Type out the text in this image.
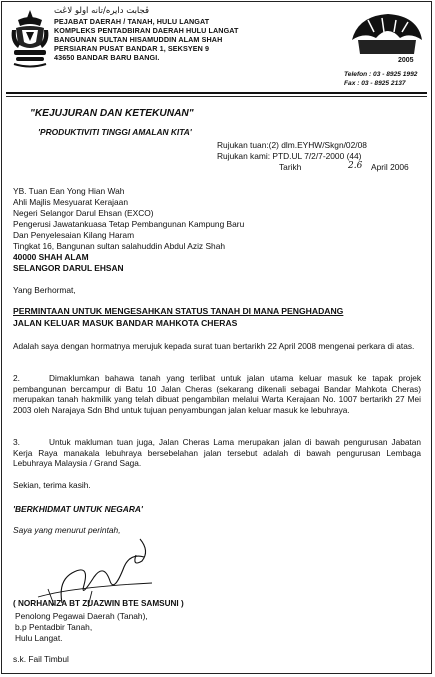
ڤجابت دايره/تانه اولو لاڠت
PEJABAT DAERAH / TANAH, HULU LANGAT
KOMPLEKS PENTADBIRAN DAERAH HULU LANGAT
BANGUNAN SULTAN HISAMUDDIN ALAM SHAH
PERSIARAN PUSAT BANDAR 1, SEKSYEN 9
43650 BANDAR BARU BANGI.	2005
Telefon : 03 - 8925 1992
Fax : 03 - 8925 2137
"KEJUJURAN DAN KETEKUNAN"
'PRODUKTIVITI TINGGI AMALAN KITA'
Rujukan tuan:(2) dlm.EYHW/Skgn/02/08
Rujukan kami: PTD.UL 7/2/7-2000 (44)
Tarikh	2.6 April 2006
YB. Tuan Ean Yong Hian Wah
Ahli Majlis Mesyuarat Kerajaan
Negeri Selangor Darul Ehsan (EXCO)
Pengerusi Jawatankuasa Tetap Pembangunan Kampung Baru
Dan Penyelesaian Kilang Haram
Tingkat 16, Bangunan sultan salahuddin Abdul Aziz Shah
40000 SHAH ALAM
SELANGOR DARUL EHSAN
Yang Berhormat,
PERMINTAAN UNTUK MENGESAHKAN STATUS TANAH DI MANA PENGHADANG
JALAN KELUAR MASUK BANDAR MAHKOTA CHERAS
Adalah saya dengan hormatnya merujuk kepada surat tuan bertarikh 22 April 2008 mengenai perkara di atas.
2.	Dimaklumkan bahawa tanah yang terlibat untuk jalan utama keluar masuk ke tapak projek pembangunan bercampur di Batu 10 Jalan Cheras (sekarang dikenali sebagai Bandar Mahkota Cheras) merupakan tanah hakmilik yang telah dibuat pengambilan melalui Warta Kerajaan No. 1007 bertarikh 27 Mei 2003 oleh Narajaya Sdn Bhd untuk tujuan penyambungan jalan keluar masuk ke lebuhraya.
3.	Untuk makluman tuan juga, Jalan Cheras Lama merupakan jalan di bawah pengurusan Jabatan Kerja Raya manakala lebuhraya bersebelahan jalan tersebut adalah di bawah pengurusan Lembaga Lebuhraya Malaysia / Grand Saga.
Sekian, terima kasih.
'BERKHIDMAT UNTUK NEGARA'
Saya yang menurut perintah,
( NORHANIZA BT ZUAZWIN BTE SAMSUNI )
Penolong Pegawai Daerah (Tanah),
b.p Pentadbir Tanah,
Hulu Langat.
s.k. Fail Timbul
